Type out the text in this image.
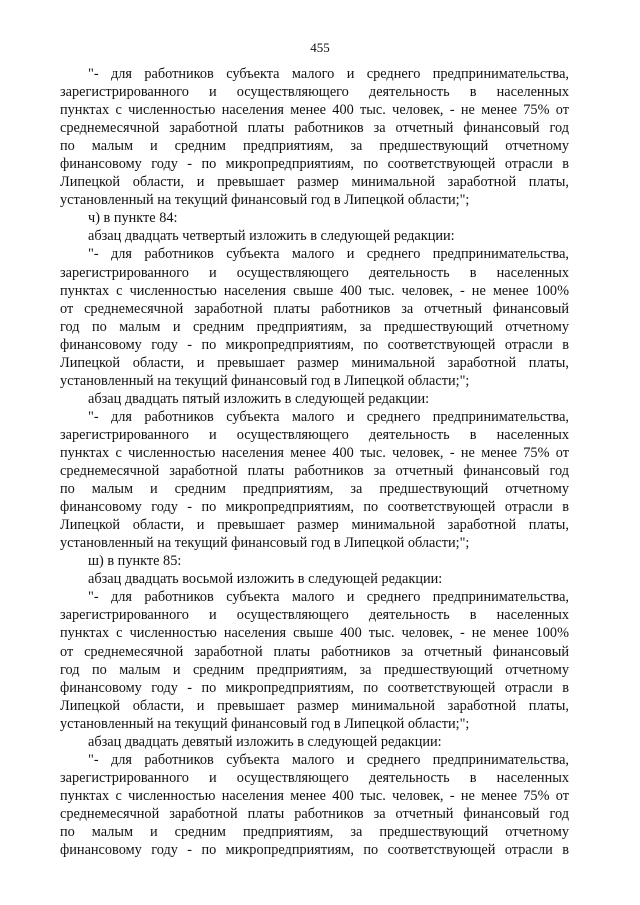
455
"- для работников субъекта малого и среднего предпринимательства,
зарегистрированного и осуществляющего деятельность в населенных
пунктах с численностью населения менее 400 тыс. человек, - не менее 75% от
среднемесячной заработной платы работников за отчетный финансовый год
по малым и средним предприятиям, за предшествующий отчетному
финансовому году - по микропредприятиям, по соответствующей отрасли в
Липецкой области, и превышает размер минимальной заработной платы,
установленный на текущий финансовый год в Липецкой области;";
ч) в пункте 84:
абзац двадцать четвертый изложить в следующей редакции:
"- для работников субъекта малого и среднего предпринимательства,
зарегистрированного и осуществляющего деятельность в населенных
пунктах с численностью населения свыше 400 тыс. человек, - не менее 100%
от среднемесячной заработной платы работников за отчетный финансовый
год по малым и средним предприятиям, за предшествующий отчетному
финансовому году - по микропредприятиям, по соответствующей отрасли в
Липецкой области, и превышает размер минимальной заработной платы,
установленный на текущий финансовый год в Липецкой области;";
абзац двадцать пятый изложить в следующей редакции:
"- для работников субъекта малого и среднего предпринимательства,
зарегистрированного и осуществляющего деятельность в населенных
пунктах с численностью населения менее 400 тыс. человек, - не менее 75% от
среднемесячной заработной платы работников за отчетный финансовый год
по малым и средним предприятиям, за предшествующий отчетному
финансовому году - по микропредприятиям, по соответствующей отрасли в
Липецкой области, и превышает размер минимальной заработной платы,
установленный на текущий финансовый год в Липецкой области;";
ш) в пункте 85:
абзац двадцать восьмой изложить в следующей редакции:
"- для работников субъекта малого и среднего предпринимательства,
зарегистрированного и осуществляющего деятельность в населенных
пунктах с численностью населения свыше 400 тыс. человек, - не менее 100%
от среднемесячной заработной платы работников за отчетный финансовый
год по малым и средним предприятиям, за предшествующий отчетному
финансовому году - по микропредприятиям, по соответствующей отрасли в
Липецкой области, и превышает размер минимальной заработной платы,
установленный на текущий финансовый год в Липецкой области;";
абзац двадцать девятый изложить в следующей редакции:
"- для работников субъекта малого и среднего предпринимательства,
зарегистрированного и осуществляющего деятельность в населенных
пунктах с численностью населения менее 400 тыс. человек, - не менее 75% от
среднемесячной заработной платы работников за отчетный финансовый год
по малым и средним предприятиям, за предшествующий отчетному
финансовому году - по микропредприятиям, по соответствующей отрасли в
